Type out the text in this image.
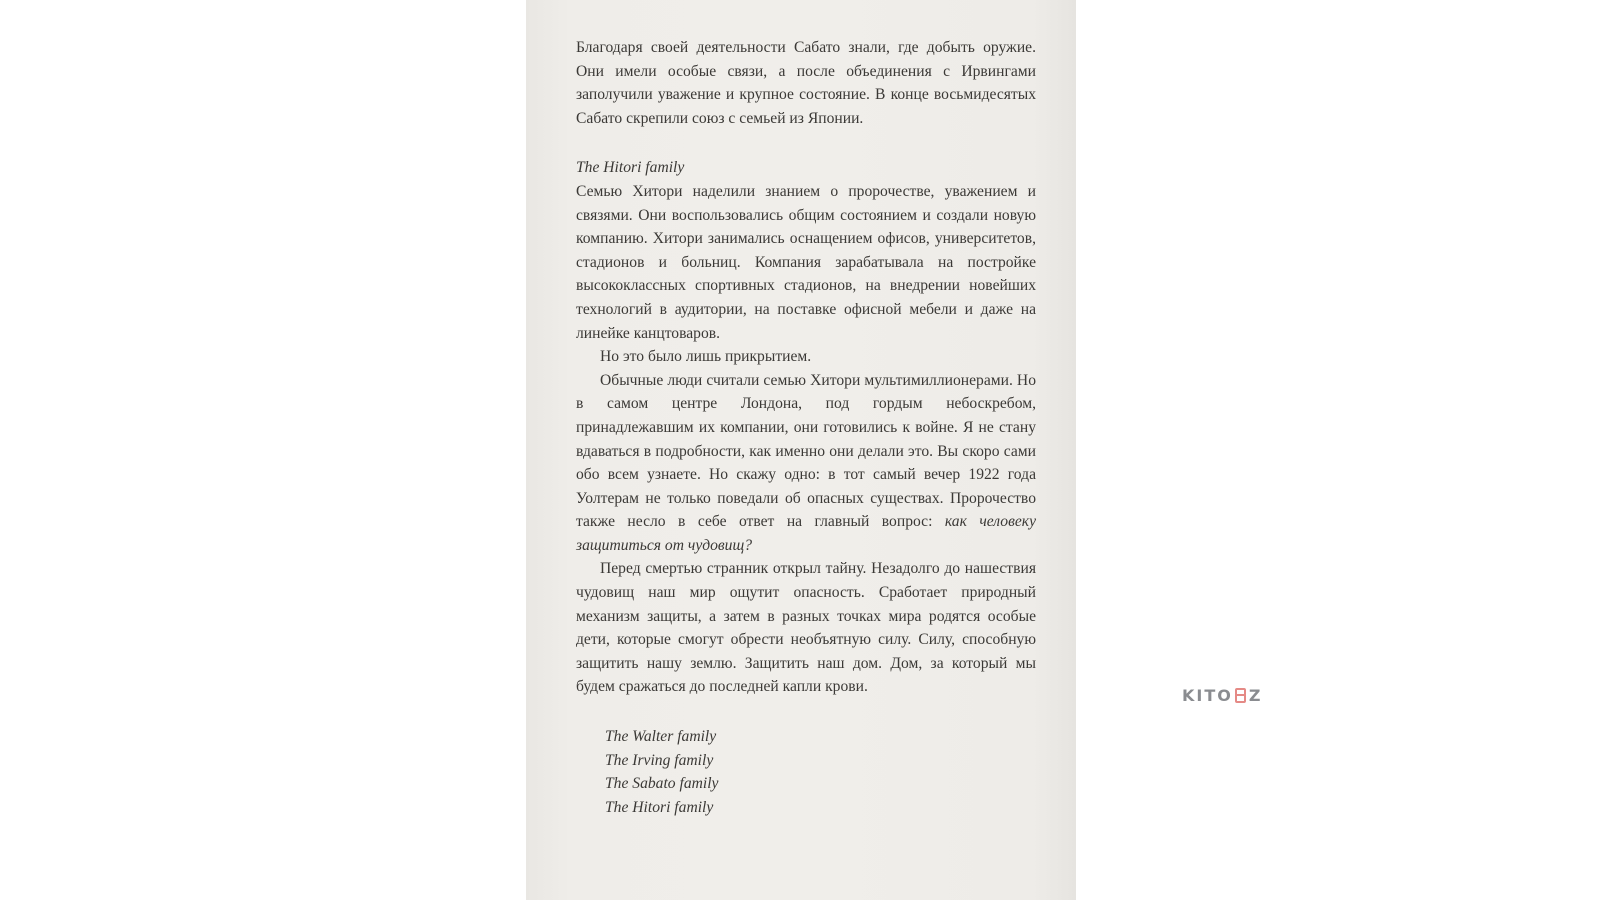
Благодаря своей деятельности Сабато знали, где добыть оружие. Они имели особые связи, а после объединения с Ирвингами заполучили уважение и крупное состояние. В конце восьмидесятых Сабато скрепили союз с семьей из Японии.

The Hitori family

Семью Хитори наделили знанием о пророчестве, уважением и связями. Они воспользовались общим состоянием и создали новую компанию. Хитори занимались оснащением офисов, университетов, стадионов и больниц. Компания зарабатывала на постройке высококлассных спортивных стадионов, на внедрении новейших технологий в аудитории, на поставке офисной мебели и даже на линейке канцтоваров.

Но это было лишь прикрытием.

Обычные люди считали семью Хитори мультимиллионерами. Но в самом центре Лондона, под гордым небоскребом, принадлежавшим их компании, они готовились к войне. Я не стану вдаваться в подробности, как именно они делали это. Вы скоро сами обо всем узнаете. Но скажу одно: в тот самый вечер 1922 года Уолтерам не только поведали об опасных существах. Пророчество также несло в себе ответ на главный вопрос: как человеку защититься от чудовищ?

Перед смертью странник открыл тайну. Незадолго до нашествия чудовищ наш мир ощутит опасность. Сработает природный механизм защиты, а затем в разных точках мира родятся особые дети, которые смогут обрести необъятную силу. Силу, способную защитить нашу землю. Защитить наш дом. Дом, за который мы будем сражаться до последней капли крови.

The Walter family
The Irving family
The Sabato family
The Hitori family

KITO Z
